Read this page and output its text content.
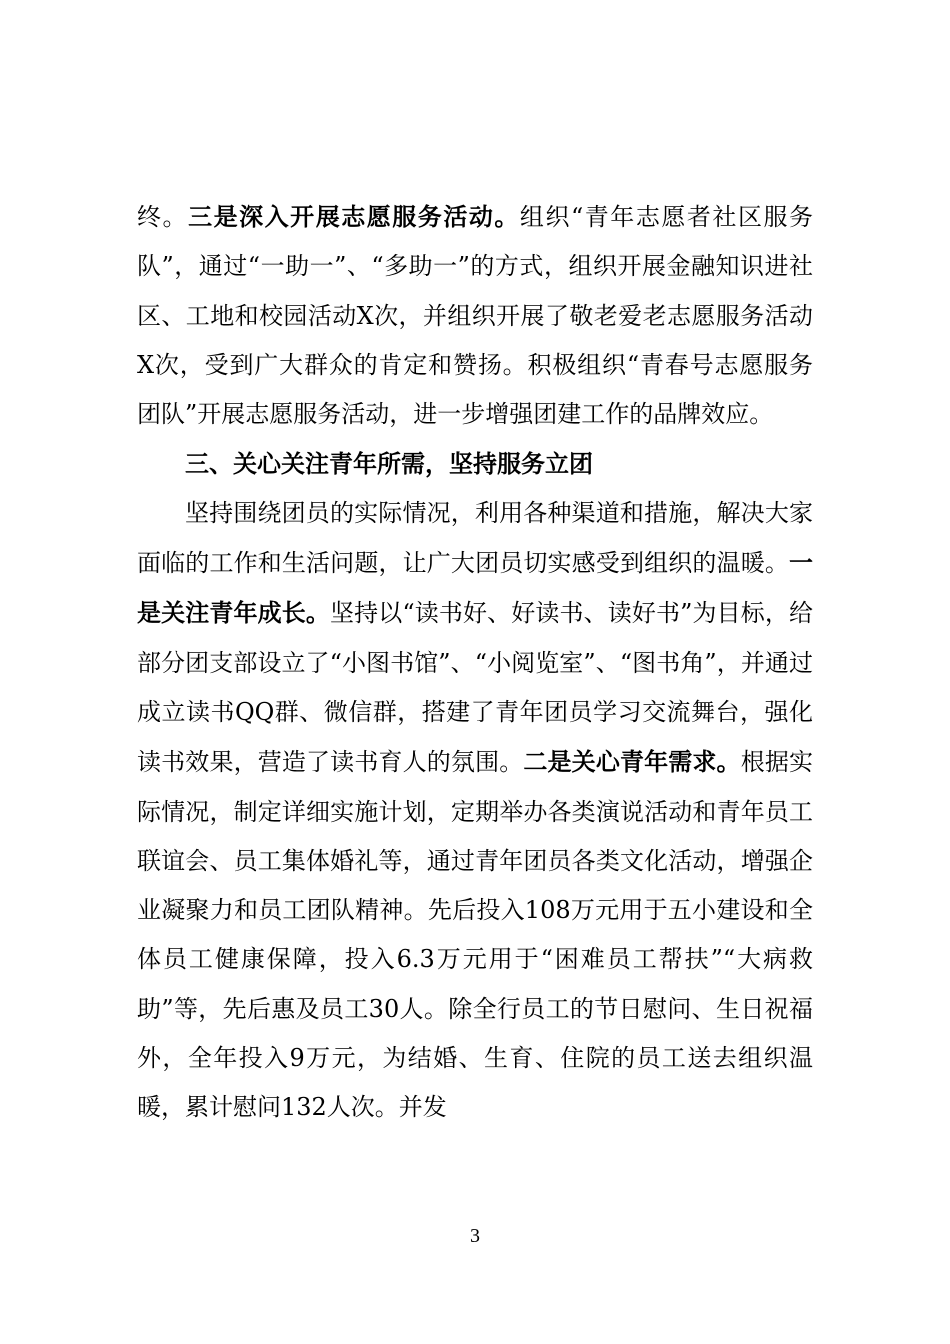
终。三是深入开展志愿服务活动。组织“青年志愿者社区服务队”，通过“一助一”、“多助一”的方式，组织开展金融知识进社区、工地和校园活动X次，并组织开展了敬老爱老志愿服务活动X次，受到广大群众的肯定和赞扬。积极组织“青春号志愿服务团队”开展志愿服务活动，进一步增强团建工作的品牌效应。

三、关心关注青年所需，坚持服务立团

坚持围绕团员的实际情况，利用各种渠道和措施，解决大家面临的工作和生活问题，让广大团员切实感受到组织的温暖。一是关注青年成长。坚持以“读书好、好读书、读好书”为目标，给部分团支部设立了“小图书馆”、“小阅览室”、“图书角”，并通过成立读书QQ群、微信群，搭建了青年团员学习交流舞台，强化读书效果，营造了读书育人的氛围。二是关心青年需求。根据实际情况，制定详细实施计划，定期举办各类演说活动和青年员工联谊会、员工集体婚礼等，通过青年团员各类文化活动，增强企业凝聚力和员工团队精神。先后投入108万元用于五小建设和全体员工健康保障，投入6.3万元用于“困难员工帮扶”“大病救助”等，先后惠及员工30人。除全行员工的节日慰问、生日祝福外，全年投入9万元，为结婚、生育、住院的员工送去组织温暖，累计慰问132人次。并发

3
